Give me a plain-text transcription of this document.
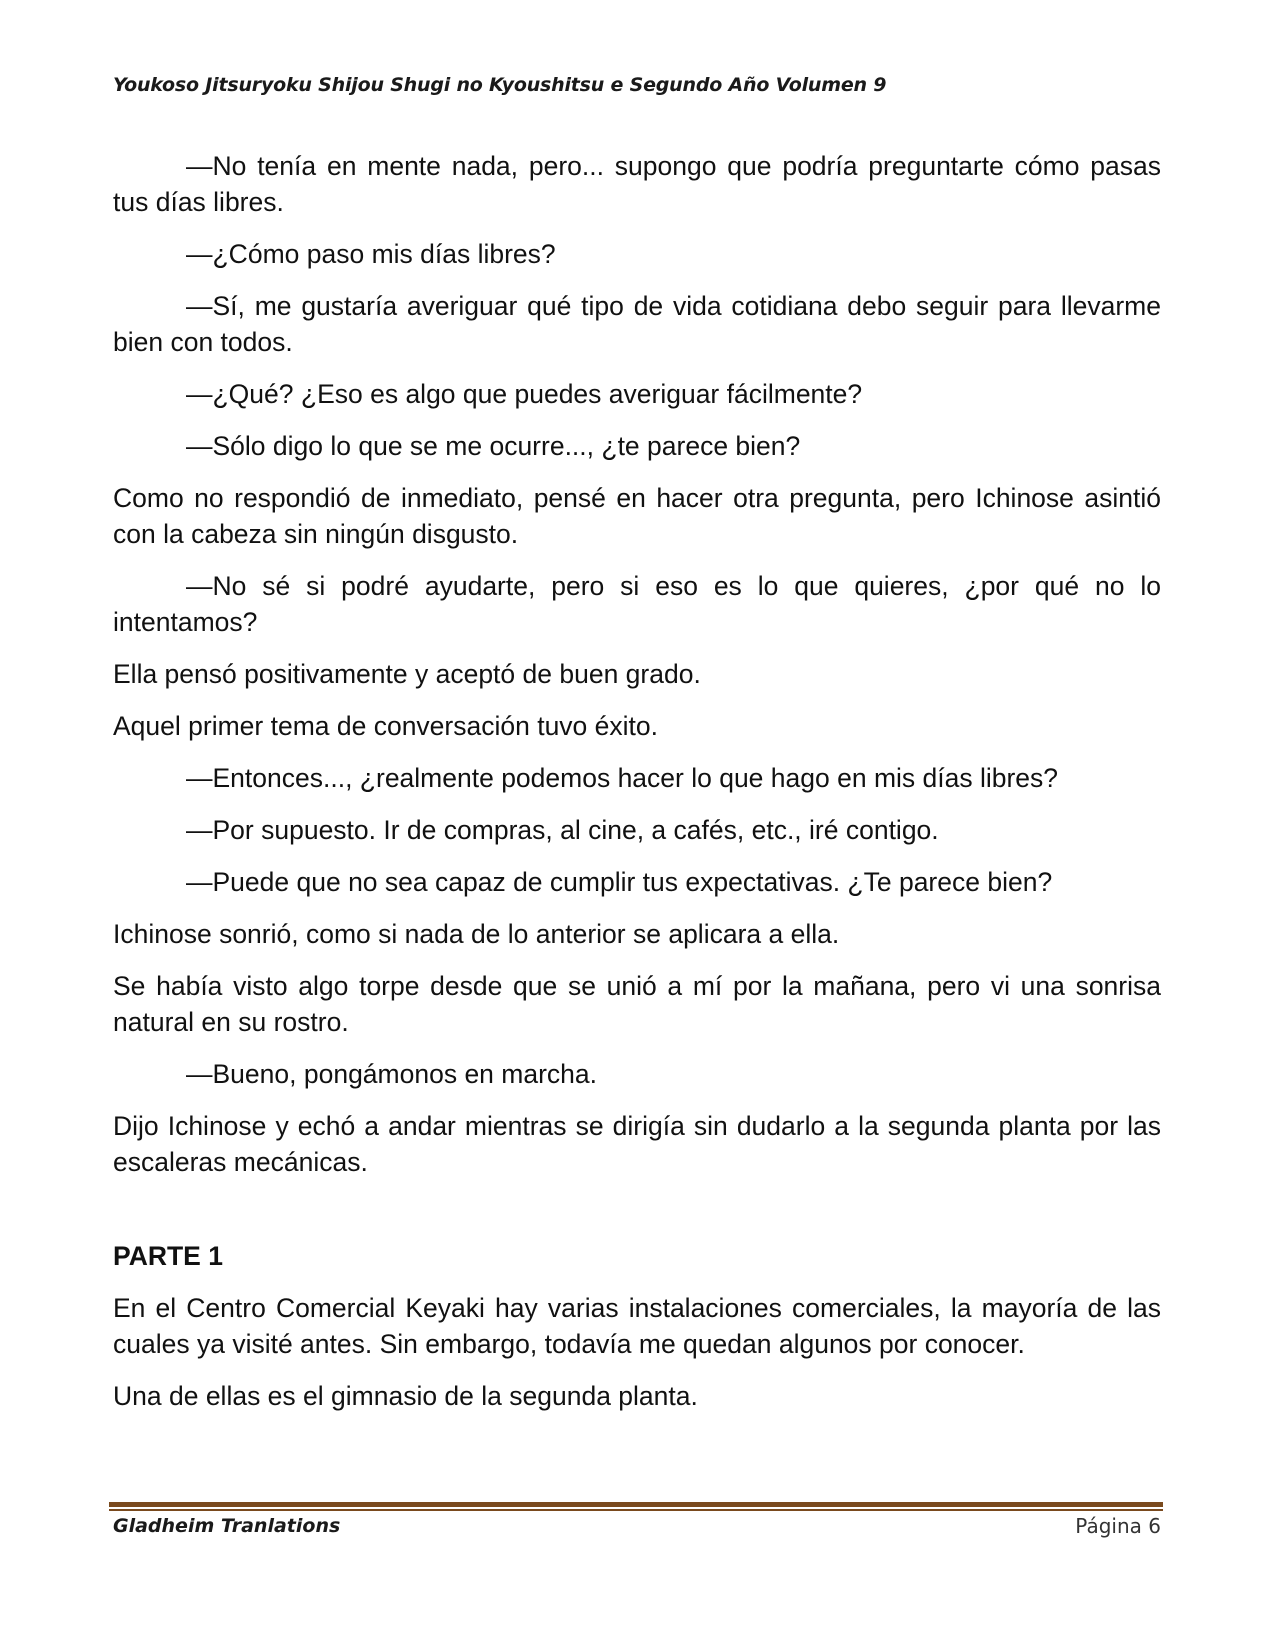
Youkoso Jitsuryoku Shijou Shugi no Kyoushitsu e Segundo Año Volumen 9

—No tenía en mente nada, pero... supongo que podría preguntarte cómo pasas tus días libres.

—¿Cómo paso mis días libres?

—Sí, me gustaría averiguar qué tipo de vida cotidiana debo seguir para llevarme bien con todos.

—¿Qué? ¿Eso es algo que puedes averiguar fácilmente?

—Sólo digo lo que se me ocurre..., ¿te parece bien?

Como no respondió de inmediato, pensé en hacer otra pregunta, pero Ichinose asintió con la cabeza sin ningún disgusto.

—No sé si podré ayudarte, pero si eso es lo que quieres, ¿por qué no lo intentamos?

Ella pensó positivamente y aceptó de buen grado.

Aquel primer tema de conversación tuvo éxito.

—Entonces..., ¿realmente podemos hacer lo que hago en mis días libres?

—Por supuesto. Ir de compras, al cine, a cafés, etc., iré contigo.

—Puede que no sea capaz de cumplir tus expectativas. ¿Te parece bien?

Ichinose sonrió, como si nada de lo anterior se aplicara a ella.

Se había visto algo torpe desde que se unió a mí por la mañana, pero vi una sonrisa natural en su rostro.

—Bueno, pongámonos en marcha.

Dijo Ichinose y echó a andar mientras se dirigía sin dudarlo a la segunda planta por las escaleras mecánicas.

PARTE 1

En el Centro Comercial Keyaki hay varias instalaciones comerciales, la mayoría de las cuales ya visité antes. Sin embargo, todavía me quedan algunos por conocer.

Una de ellas es el gimnasio de la segunda planta.

Gladheim Tranlations	Página 6
